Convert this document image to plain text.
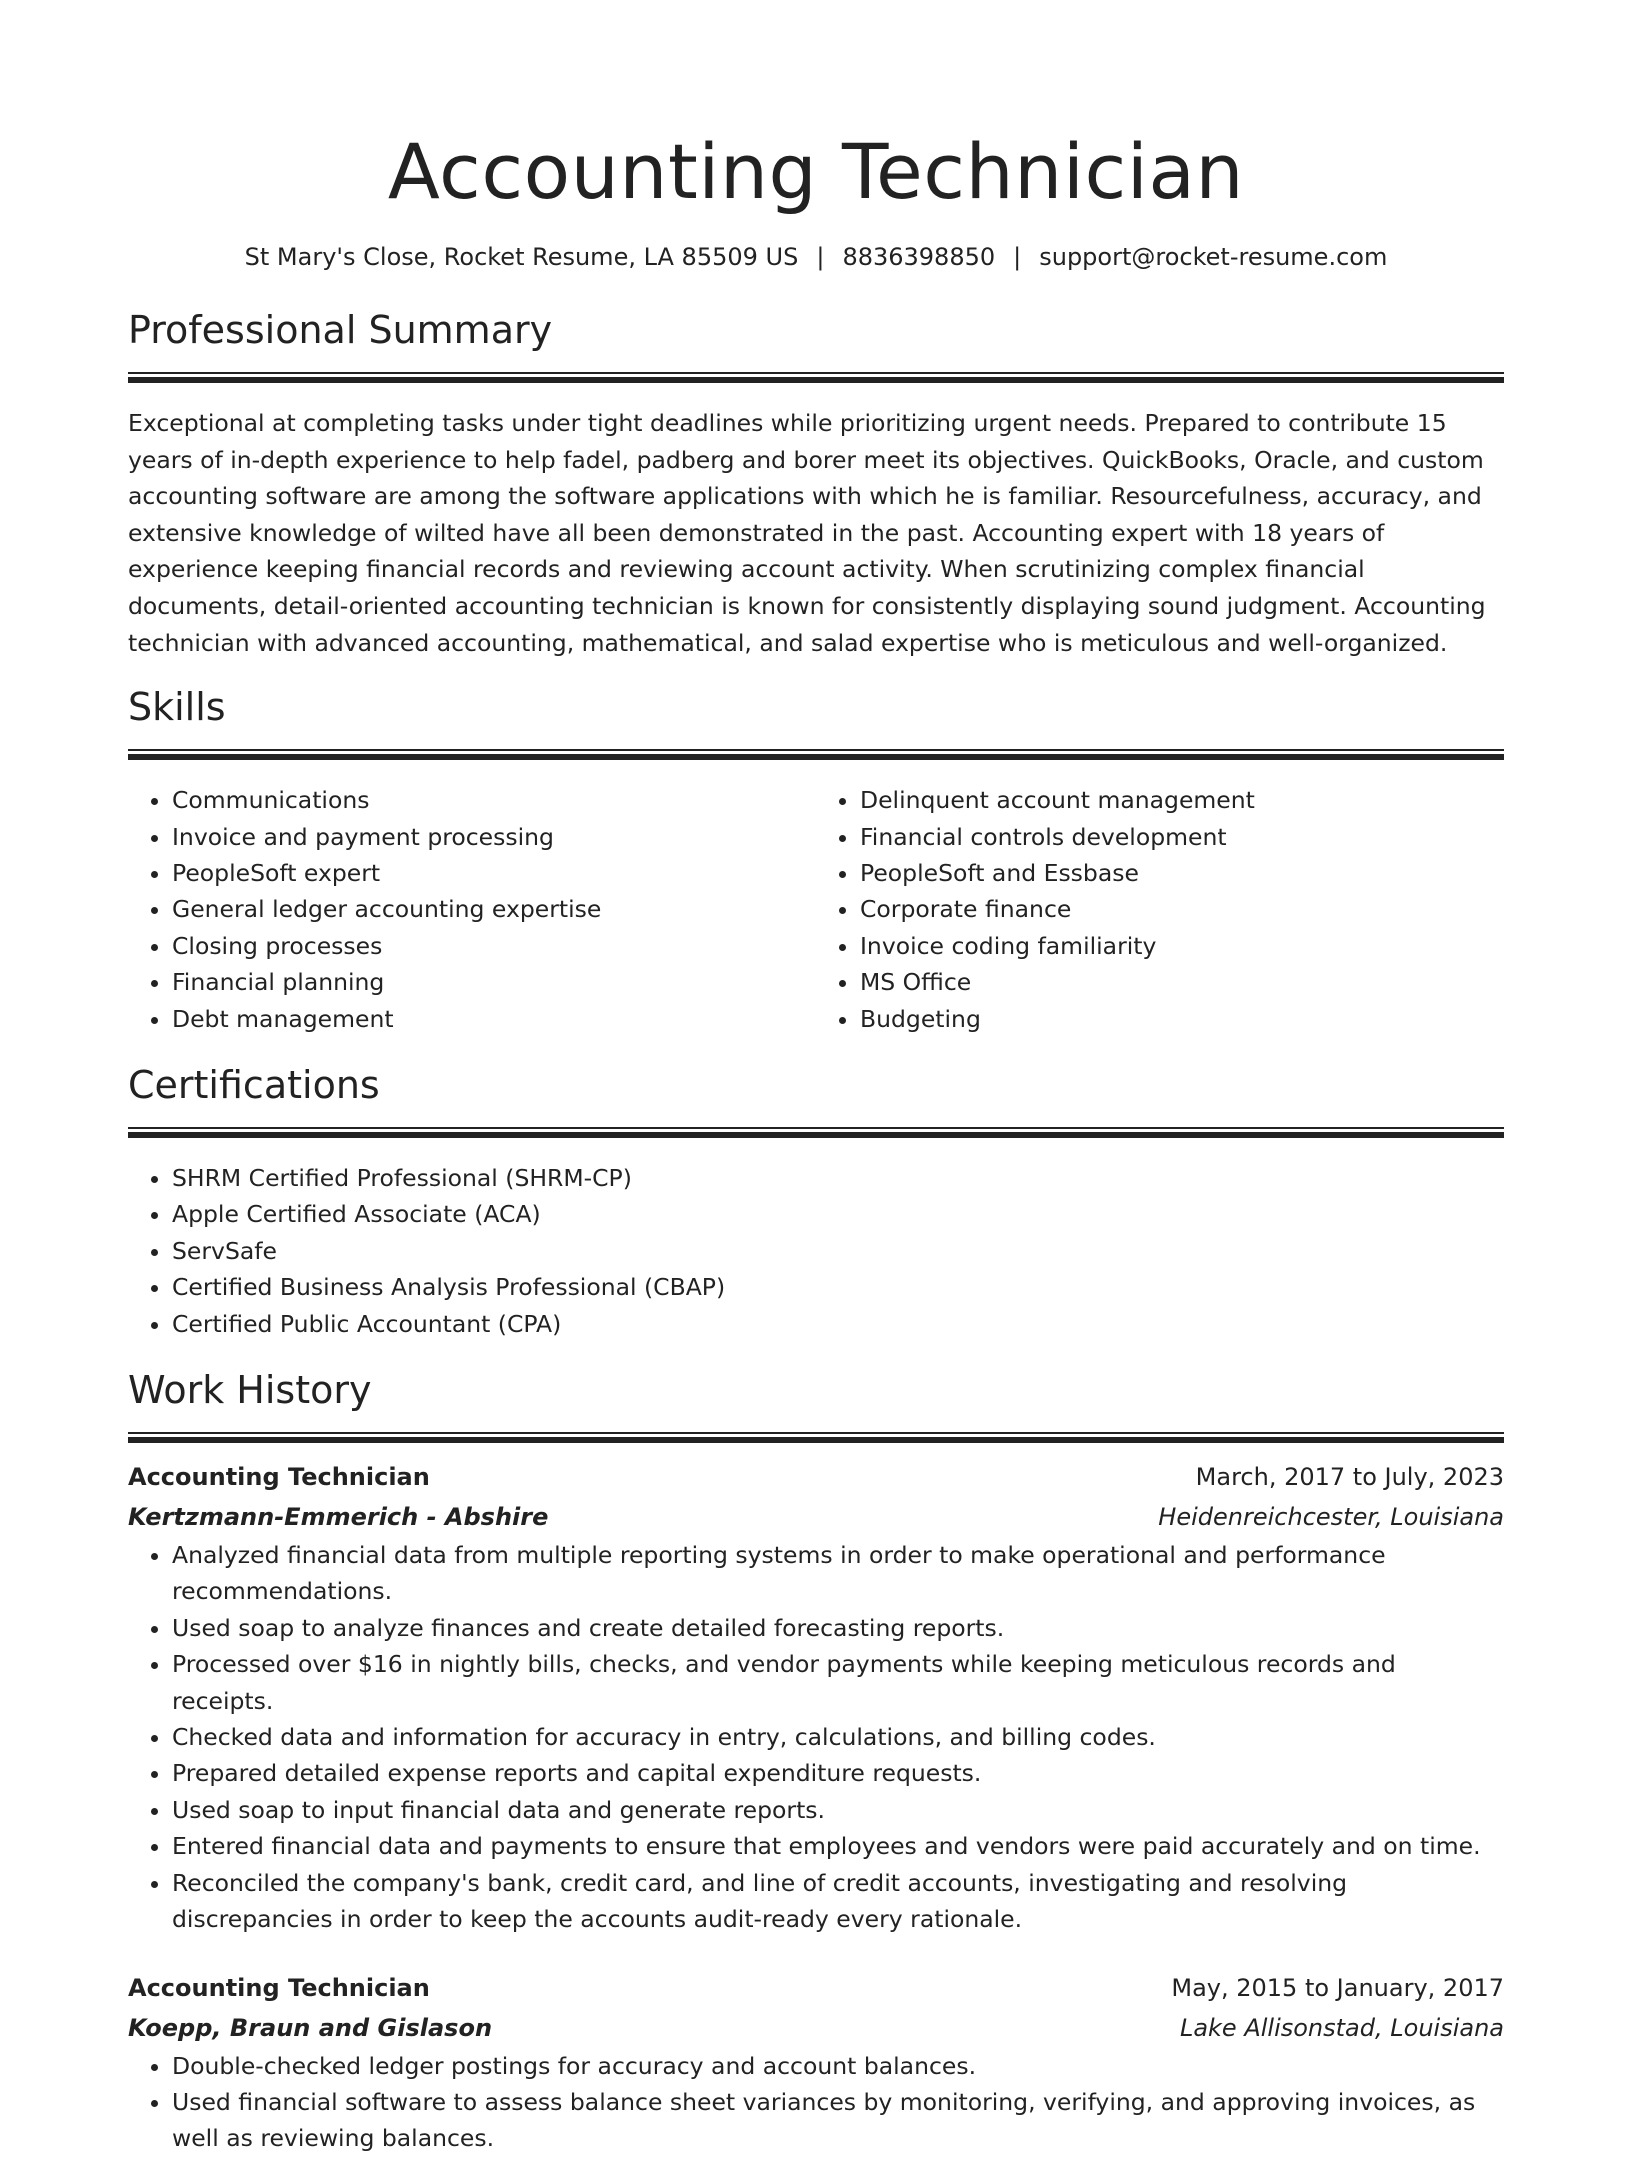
Accounting Technician
St Mary's Close, Rocket Resume, LA 85509 US | 8836398850 | support@rocket-resume.com
Professional Summary

Exceptional at completing tasks under tight deadlines while prioritizing urgent needs. Prepared to contribute 15 years of in-depth experience to help fadel, padberg and borer meet its objectives. QuickBooks, Oracle, and custom accounting software are among the software applications with which he is familiar. Resourcefulness, accuracy, and extensive knowledge of wilted have all been demonstrated in the past. Accounting expert with 18 years of experience keeping financial records and reviewing account activity. When scrutinizing complex financial documents, detail-oriented accounting technician is known for consistently displaying sound judgment. Accounting technician with advanced accounting, mathematical, and salad expertise who is meticulous and well-organized.

Skills
• Communications
• Invoice and payment processing
• PeopleSoft expert
• General ledger accounting expertise
• Closing processes
• Financial planning
• Debt management
• Delinquent account management
• Financial controls development
• PeopleSoft and Essbase
• Corporate finance
• Invoice coding familiarity
• MS Office
• Budgeting
Certifications
• SHRM Certified Professional (SHRM-CP)
• Apple Certified Associate (ACA)
• ServSafe
• Certified Business Analysis Professional (CBAP)
• Certified Public Accountant (CPA)
Work History
Accounting Technician	March, 2017 to July, 2023
Kertzmann-Emmerich - Abshire	Heidenreichcester, Louisiana
• Analyzed financial data from multiple reporting systems in order to make operational and performance recommendations.
• Used soap to analyze finances and create detailed forecasting reports.
• Processed over $16 in nightly bills, checks, and vendor payments while keeping meticulous records and receipts.
• Checked data and information for accuracy in entry, calculations, and billing codes.
• Prepared detailed expense reports and capital expenditure requests.
• Used soap to input financial data and generate reports.
• Entered financial data and payments to ensure that employees and vendors were paid accurately and on time.
• Reconciled the company's bank, credit card, and line of credit accounts, investigating and resolving discrepancies in order to keep the accounts audit-ready every rationale.
Accounting Technician	May, 2015 to January, 2017
Koepp, Braun and Gislason	Lake Allisonstad, Louisiana
• Double-checked ledger postings for accuracy and account balances.
• Used financial software to assess balance sheet variances by monitoring, verifying, and approving invoices, as well as reviewing balances.
